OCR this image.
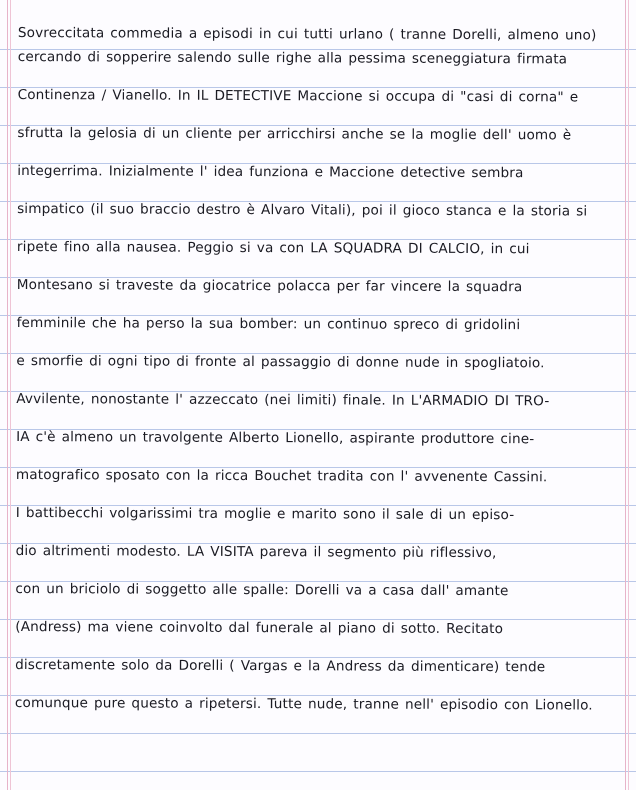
Sovreccitata commedia a episodi in cui tutti urlano ( tranne Dorelli, almeno uno)
cercando di sopperire salendo sulle righe alla pessima sceneggiatura firmata
Continenza / Vianello. In IL DETECTIVE Maccione si occupa di "casi di corna" e
sfrutta la gelosia di un cliente per arricchirsi anche se la moglie dell' uomo è
integerrima. Inizialmente l' idea funziona e Maccione detective sembra
simpatico (il suo braccio destro è Alvaro Vitali), poi il gioco stanca e la storia si
ripete fino alla nausea. Peggio si va con LA SQUADRA DI CALCIO, in cui
Montesano si traveste da giocatrice polacca per far vincere la squadra
femminile che ha perso la sua bomber: un continuo spreco di gridolini
e smorfie di ogni tipo di fronte al passaggio di donne nude in spogliatoio.
Avvilente, nonostante l' azzeccato (nei limiti) finale. In L'ARMADIO DI TRO-
IA c'è almeno un travolgente Alberto Lionello, aspirante produttore cine-
matografico sposato con la ricca Bouchet tradita con l' avvenente Cassini.
I battibecchi volgarissimi tra moglie e marito sono il sale di un episo-
dio altrimenti modesto. LA VISITA pareva il segmento più riflessivo,
con un briciolo di soggetto alle spalle: Dorelli va a casa dall' amante
(Andress) ma viene coinvolto dal funerale al piano di sotto. Recitato
discretamente solo da Dorelli ( Vargas e la Andress da dimenticare) tende
comunque pure questo a ripetersi. Tutte nude, tranne nell' episodio con Lionello.
